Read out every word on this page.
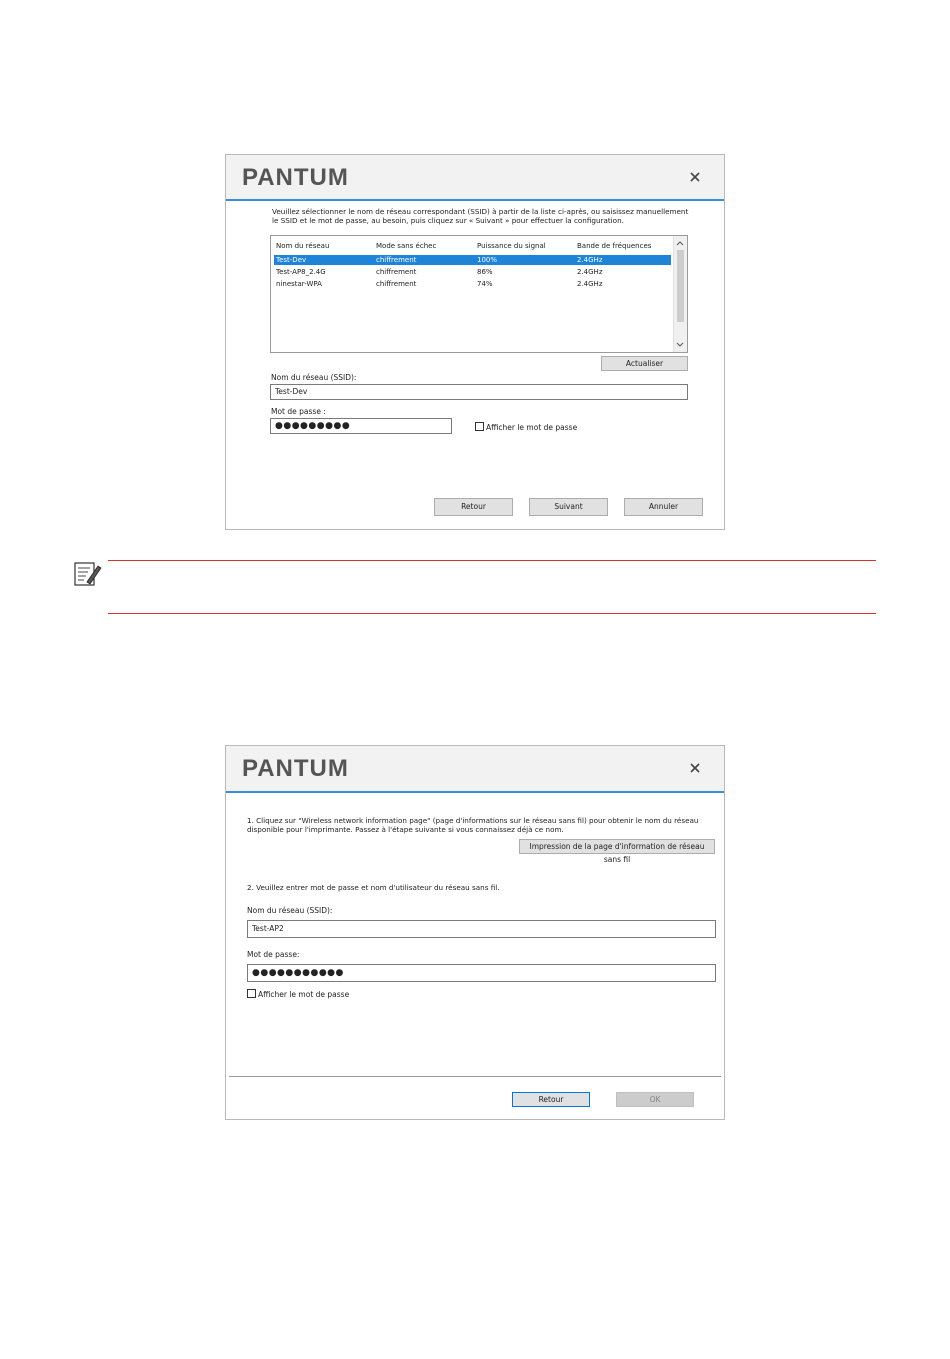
PANTUM
Veuillez sélectionner le nom de réseau correspondant (SSID) à partir de la liste ci-après, ou saisissez manuellement le SSID et le mot de passe, au besoin, puis cliquez sur « Suivant » pour effectuer la configuration.
Nom du réseau	Mode sans échec	Puissance du signal	Bande de fréquences
Test-Dev	chiffrement	100%	2.4GHz
Test-AP8_2.4G	chiffrement	86%	2.4GHz
ninestar-WPA	chiffrement	74%	2.4GHz
Actualiser
Nom du réseau (SSID):
Test-Dev
Mot de passe :
●●●●●●●●●	Afficher le mot de passe
Retour	Suivant	Annuler
PANTUM
1. Cliquez sur "Wireless network information page" (page d'informations sur le réseau sans fil) pour obtenir le nom du réseau disponible pour l'imprimante. Passez à l'étape suivante si vous connaissez déjà ce nom.
Impression de la page d'information de réseau sans fil
2. Veuillez entrer mot de passe et nom d'utilisateur du réseau sans fil.
Nom du réseau (SSID):
Test-AP2
Mot de passe:
●●●●●●●●●●●
Afficher le mot de passe
Retour	OK
